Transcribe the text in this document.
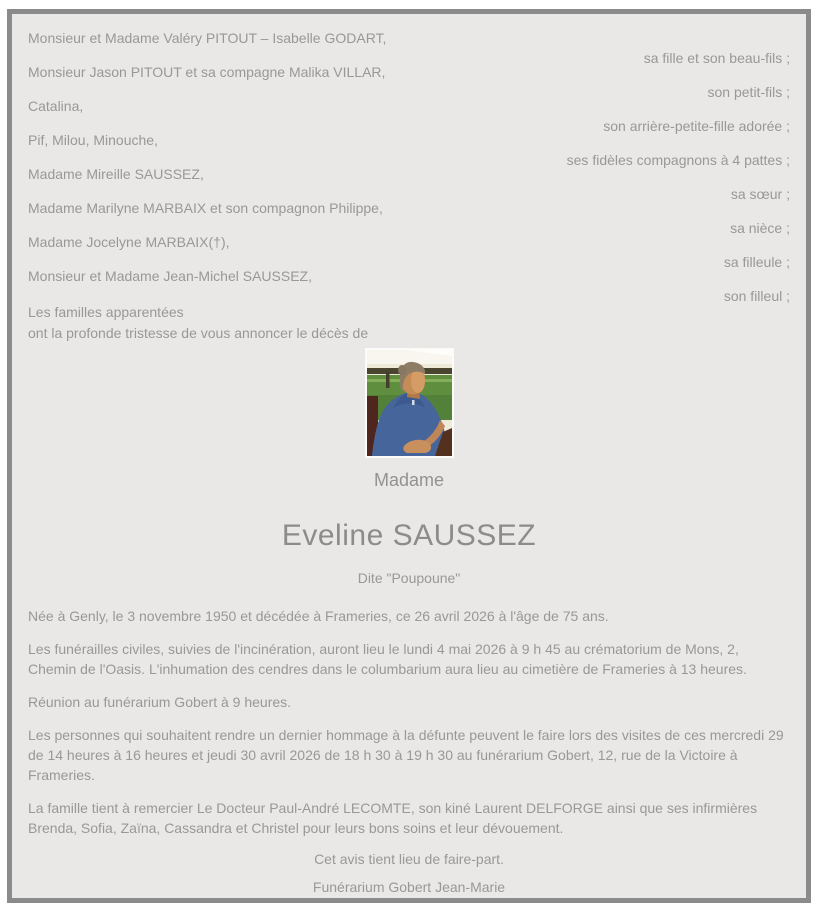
Monsieur et Madame Valéry PITOUT – Isabelle GODART,
Monsieur Jason PITOUT et sa compagne Malika VILLAR,
Catalina,
Pif, Milou, Minouche,
Madame Mireille SAUSSEZ,
Madame Marilyne MARBAIX et son compagnon Philippe,
Madame Jocelyne MARBAIX(†),
Monsieur et Madame Jean-Michel SAUSSEZ,
sa fille et son beau-fils ;
son petit-fils ;
son arrière-petite-fille adorée ;
ses fidèles compagnons à 4 pattes ;
sa sœur ;
sa nièce ;
sa filleule ;
son filleul ;
Les familles apparentées
ont la profonde tristesse de vous annoncer le décès de
Madame
Eveline SAUSSEZ
Dite "Poupoune"
Née à Genly, le 3 novembre 1950 et décédée à Frameries, ce 26 avril 2026 à l'âge de 75 ans.
Les funérailles civiles, suivies de l'incinération, auront lieu le lundi 4 mai 2026 à 9 h 45 au crématorium de Mons, 2, Chemin de l'Oasis. L'inhumation des cendres dans le columbarium aura lieu au cimetière de Frameries à 13 heures.
Réunion au funérarium Gobert à 9 heures.
Les personnes qui souhaitent rendre un dernier hommage à la défunte peuvent le faire lors des visites de ces mercredi 29 de 14 heures à 16 heures et jeudi 30 avril 2026 de 18 h 30 à 19 h 30 au funérarium Gobert, 12, rue de la Victoire à Frameries.
La famille tient à remercier Le Docteur Paul-André LECOMTE, son kiné Laurent DELFORGE ainsi que ses infirmières Brenda, Sofia, Zaïna, Cassandra et Christel pour leurs bons soins et leur dévouement.
Cet avis tient lieu de faire-part.
Funérarium Gobert Jean-Marie
